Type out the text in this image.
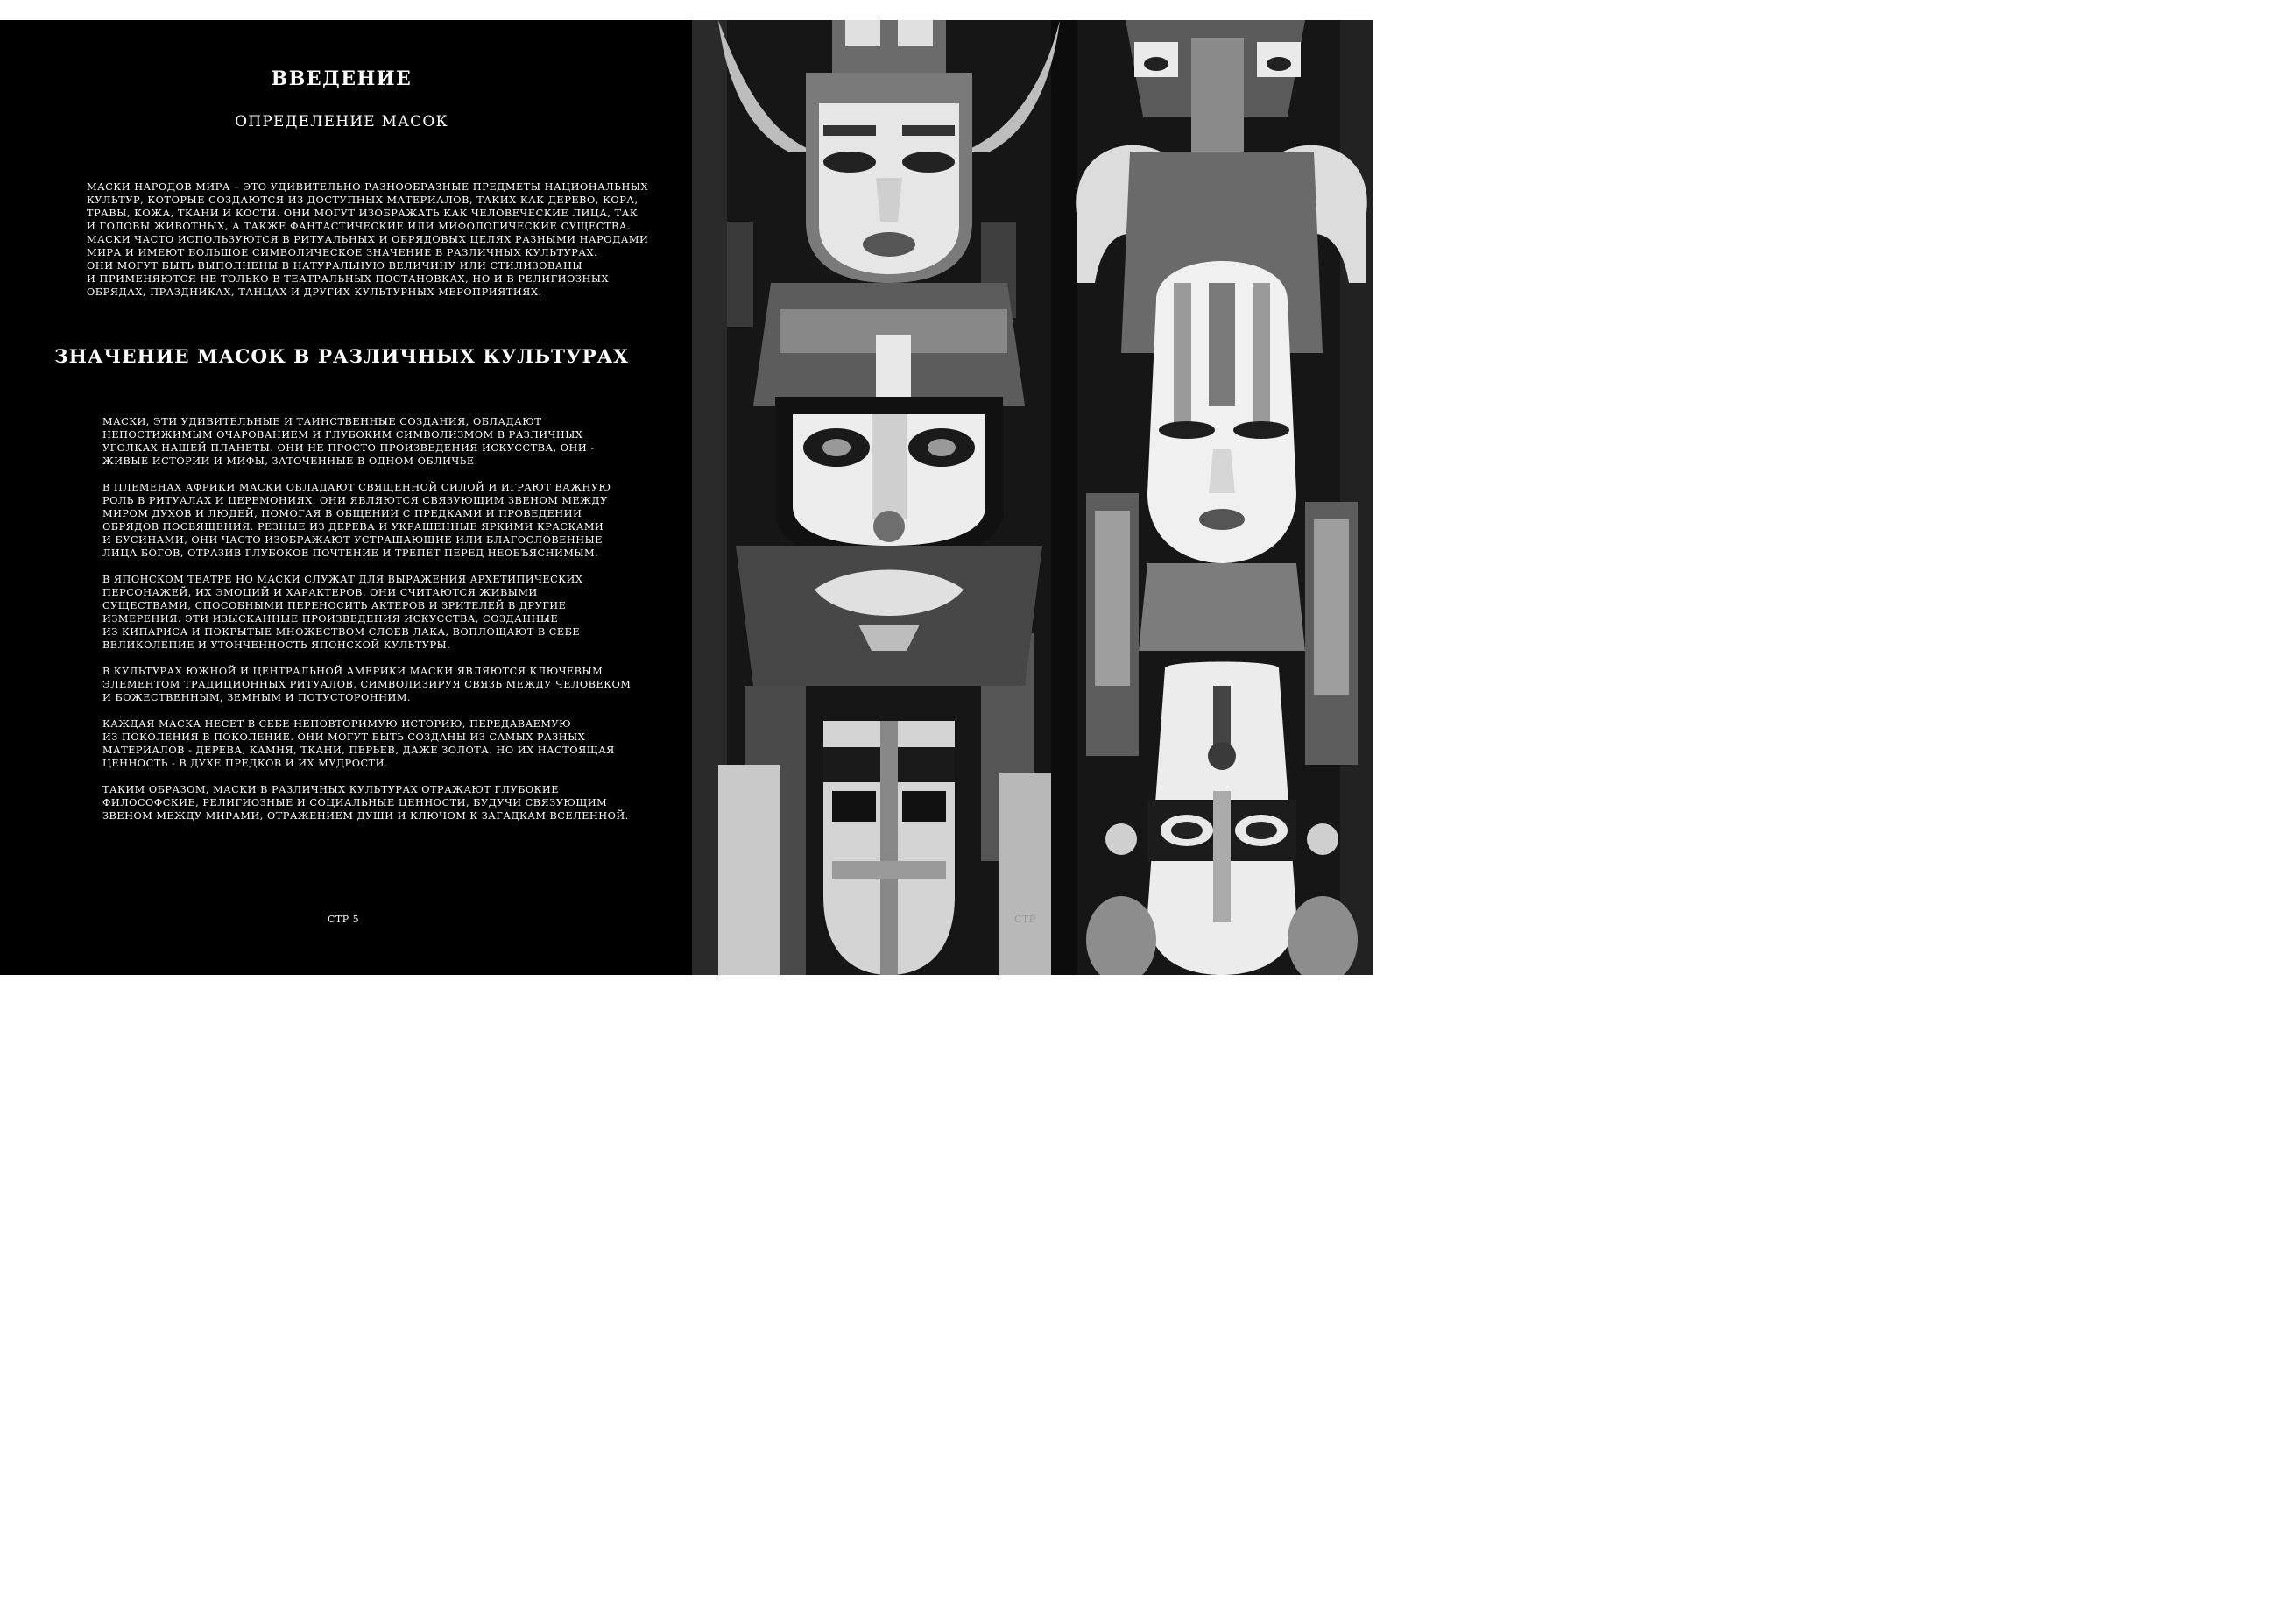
ВВЕДЕНИЕ
ОПРЕДЕЛЕНИЕ МАСОК
МАСКИ НАРОДОВ МИРА – ЭТО УДИВИТЕЛЬНО РАЗНООБРАЗНЫЕ ПРЕДМЕТЫ НАЦИОНАЛЬНЫХ
КУЛЬТУР, КОТОРЫЕ СОЗДАЮТСЯ ИЗ ДОСТУПНЫХ МАТЕРИАЛОВ, ТАКИХ КАК ДЕРЕВО, КОРА,
ТРАВЫ, КОЖА, ТКАНИ И КОСТИ. ОНИ МОГУТ ИЗОБРАЖАТЬ КАК ЧЕЛОВЕЧЕСКИЕ ЛИЦА, ТАК
И ГОЛОВЫ ЖИВОТНЫХ, А ТАКЖЕ ФАНТАСТИЧЕСКИЕ ИЛИ МИФОЛОГИЧЕСКИЕ СУЩЕСТВА.
МАСКИ ЧАСТО ИСПОЛЬЗУЮТСЯ В РИТУАЛЬНЫХ И ОБРЯДОВЫХ ЦЕЛЯХ РАЗНЫМИ НАРОДАМИ
МИРА И ИМЕЮТ БОЛЬШОЕ СИМВОЛИЧЕСКОЕ ЗНАЧЕНИЕ В РАЗЛИЧНЫХ КУЛЬТУРАХ.
ОНИ МОГУТ БЫТЬ ВЫПОЛНЕНЫ В НАТУРАЛЬНУЮ ВЕЛИЧИНУ ИЛИ СТИЛИЗОВАНЫ
И ПРИМЕНЯЮТСЯ НЕ ТОЛЬКО В ТЕАТРАЛЬНЫХ ПОСТАНОВКАХ, НО И В РЕЛИГИОЗНЫХ
ОБРЯДАХ, ПРАЗДНИКАХ, ТАНЦАХ И ДРУГИХ КУЛЬТУРНЫХ МЕРОПРИЯТИЯХ.
ЗНАЧЕНИЕ МАСОК В РАЗЛИЧНЫХ КУЛЬТУРАХ
МАСКИ, ЭТИ УДИВИТЕЛЬНЫЕ И ТАИНСТВЕННЫЕ СОЗДАНИЯ, ОБЛАДАЮТ
НЕПОСТИЖИМЫМ ОЧАРОВАНИЕМ И ГЛУБОКИМ СИМВОЛИЗМОМ В РАЗЛИЧНЫХ
УГОЛКАХ НАШЕЙ ПЛАНЕТЫ. ОНИ НЕ ПРОСТО ПРОИЗВЕДЕНИЯ ИСКУССТВА, ОНИ -
ЖИВЫЕ ИСТОРИИ И МИФЫ, ЗАТОЧЕННЫЕ В ОДНОМ ОБЛИЧЬЕ.
В ПЛЕМЕНАХ АФРИКИ МАСКИ ОБЛАДАЮТ СВЯЩЕННОЙ СИЛОЙ И ИГРАЮТ ВАЖНУЮ
РОЛЬ В РИТУАЛАХ И ЦЕРЕМОНИЯХ. ОНИ ЯВЛЯЮТСЯ СВЯЗУЮЩИМ ЗВЕНОМ МЕЖДУ
МИРОМ ДУХОВ И ЛЮДЕЙ, ПОМОГАЯ В ОБЩЕНИИ С ПРЕДКАМИ И ПРОВЕДЕНИИ
ОБРЯДОВ ПОСВЯЩЕНИЯ. РЕЗНЫЕ ИЗ ДЕРЕВА И УКРАШЕННЫЕ ЯРКИМИ КРАСКАМИ
И БУСИНАМИ, ОНИ ЧАСТО ИЗОБРАЖАЮТ УСТРАШАЮЩИЕ ИЛИ БЛАГОСЛОВЕННЫЕ
ЛИЦА БОГОВ, ОТРАЗИВ ГЛУБОКОЕ ПОЧТЕНИЕ И ТРЕПЕТ ПЕРЕД НЕОБЪЯСНИМЫМ.
В ЯПОНСКОМ ТЕАТРЕ НО МАСКИ СЛУЖАТ ДЛЯ ВЫРАЖЕНИЯ АРХЕТИПИЧЕСКИХ
ПЕРСОНАЖЕЙ, ИХ ЭМОЦИЙ И ХАРАКТЕРОВ. ОНИ СЧИТАЮТСЯ ЖИВЫМИ
СУЩЕСТВАМИ, СПОСОБНЫМИ ПЕРЕНОСИТЬ АКТЕРОВ И ЗРИТЕЛЕЙ В ДРУГИЕ
ИЗМЕРЕНИЯ. ЭТИ ИЗЫСКАННЫЕ ПРОИЗВЕДЕНИЯ ИСКУССТВА, СОЗДАННЫЕ
ИЗ КИПАРИСА И ПОКРЫТЫЕ МНОЖЕСТВОМ СЛОЕВ ЛАКА, ВОПЛОЩАЮТ В СЕБЕ
ВЕЛИКОЛЕПИЕ И УТОНЧЕННОСТЬ ЯПОНСКОЙ КУЛЬТУРЫ.
В КУЛЬТУРАХ ЮЖНОЙ И ЦЕНТРАЛЬНОЙ АМЕРИКИ МАСКИ ЯВЛЯЮТСЯ КЛЮЧЕВЫМ
ЭЛЕМЕНТОМ ТРАДИЦИОННЫХ РИТУАЛОВ, СИМВОЛИЗИРУЯ СВЯЗЬ МЕЖДУ ЧЕЛОВЕКОМ
И БОЖЕСТВЕННЫМ, ЗЕМНЫМ И ПОТУСТОРОННИМ.
КАЖДАЯ МАСКА НЕСЕТ В СЕБЕ НЕПОВТОРИМУЮ ИСТОРИЮ, ПЕРЕДАВАЕМУЮ
ИЗ ПОКОЛЕНИЯ В ПОКОЛЕНИЕ. ОНИ МОГУТ БЫТЬ СОЗДАНЫ ИЗ САМЫХ РАЗНЫХ
МАТЕРИАЛОВ - ДЕРЕВА, КАМНЯ, ТКАНИ, ПЕРЬЕВ, ДАЖЕ ЗОЛОТА. НО ИХ НАСТОЯЩАЯ
ЦЕННОСТЬ - В ДУХЕ ПРЕДКОВ И ИХ МУДРОСТИ.
ТАКИМ ОБРАЗОМ, МАСКИ В РАЗЛИЧНЫХ КУЛЬТУРАХ ОТРАЖАЮТ ГЛУБОКИЕ
ФИЛОСОФСКИЕ, РЕЛИГИОЗНЫЕ И СОЦИАЛЬНЫЕ ЦЕННОСТИ, БУДУЧИ СВЯЗУЮЩИМ
ЗВЕНОМ МЕЖДУ МИРАМИ, ОТРАЖЕНИЕМ ДУШИ И КЛЮЧОМ К ЗАГАДКАМ ВСЕЛЕННОЙ.
СТР 5	СТР
